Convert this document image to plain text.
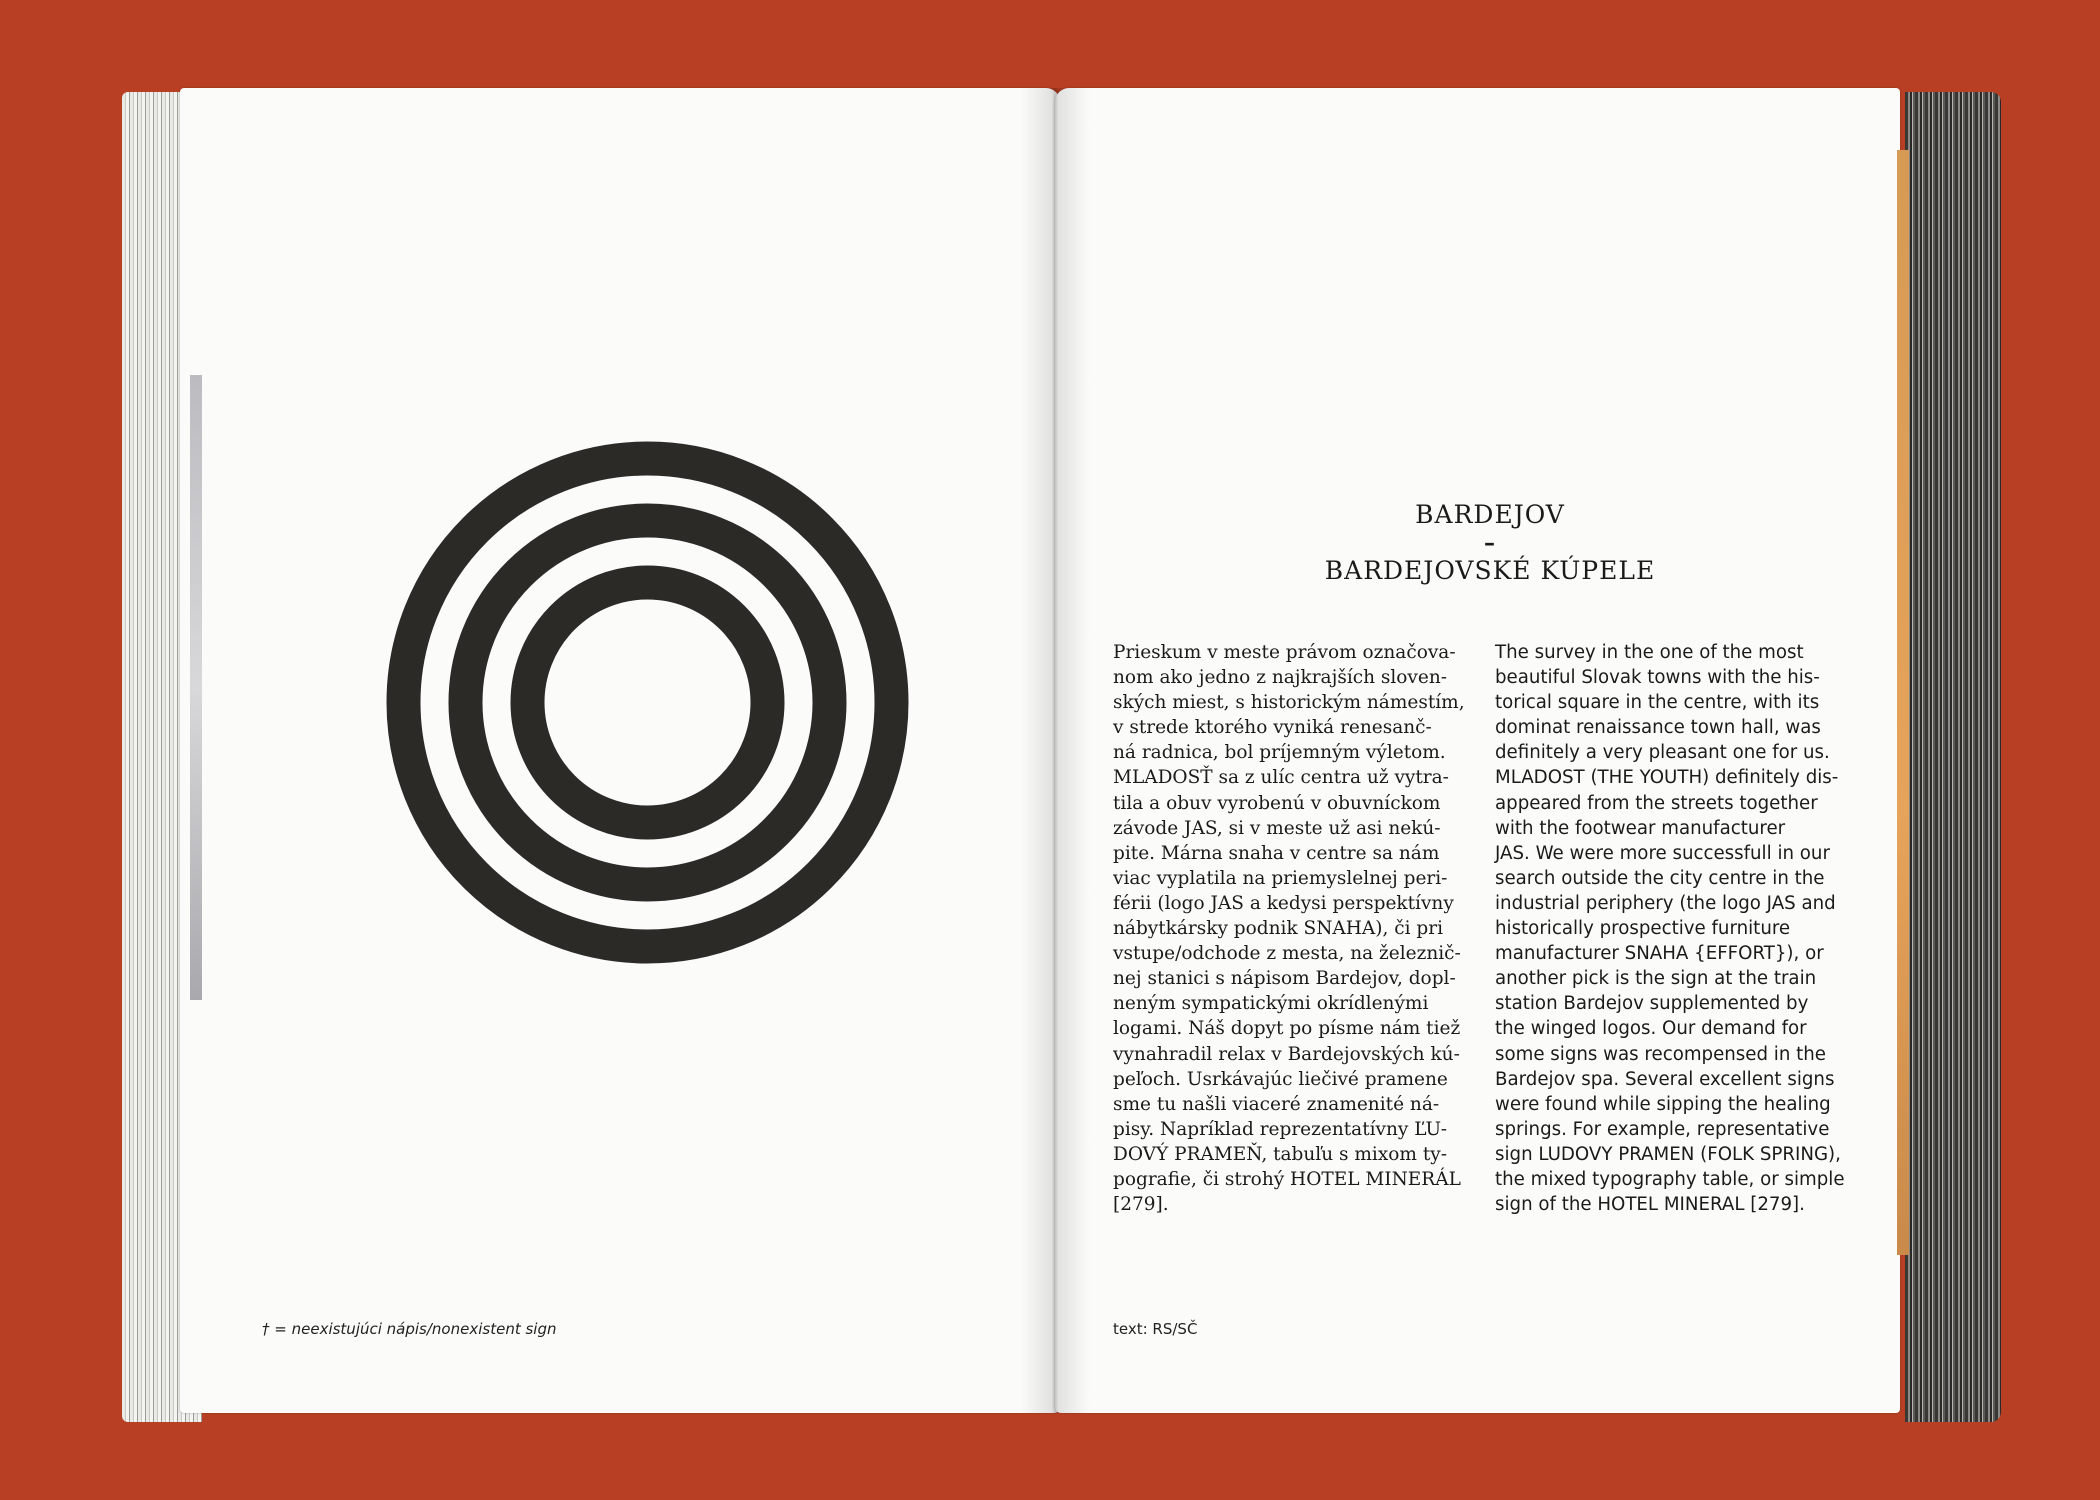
† = neexistujúci nápis/nonexistent sign
BARDEJOV
–
BARDEJOVSKÉ KÚPELE
Prieskum v meste právom označova-
nom ako jedno z najkrajších sloven-
ských miest, s historickým námestím,
v strede ktorého vyniká renesanč-
ná radnica, bol príjemným výletom.
MLADOSŤ sa z ulíc centra už vytra-
tila a obuv vyrobenú v obuvníckom
závode JAS, si v meste už asi nekú-
pite. Márna snaha v centre sa nám
viac vyplatila na priemyslelnej peri-
férii (logo JAS a kedysi perspektívny
nábytkársky podnik SNAHA), či pri
vstupe/odchode z mesta, na železnič-
nej stanici s nápisom Bardejov, dopl-
neným sympatickými okrídlenými
logami. Náš dopyt po písme nám tiež
vynahradil relax v Bardejovských kú-
peľoch. Usrkávajúc liečivé pramene
sme tu našli viaceré znamenité ná-
pisy. Napríklad reprezentatívny ĽU-
DOVÝ PRAMEŇ, tabuľu s mixom ty-
pografie, či strohý HOTEL MINERÁL
[279].
The survey in the one of the most
beautiful Slovak towns with the his-
torical square in the centre, with its
dominat renaissance town hall, was
definitely a very pleasant one for us.
MLADOST (THE YOUTH) definitely dis-
appeared from the streets together
with the footwear manufacturer
JAS. We were more successfull in our
search outside the city centre in the
industrial periphery (the logo JAS and
historically prospective furniture
manufacturer SNAHA {EFFORT}), or
another pick is the sign at the train
station Bardejov supplemented by
the winged logos. Our demand for
some signs was recompensed in the
Bardejov spa. Several excellent signs
were found while sipping the healing
springs. For example, representative
sign LUDOVY PRAMEN (FOLK SPRING),
the mixed typography table, or simple
sign of the HOTEL MINERAL [279].
text: RS/SČ
